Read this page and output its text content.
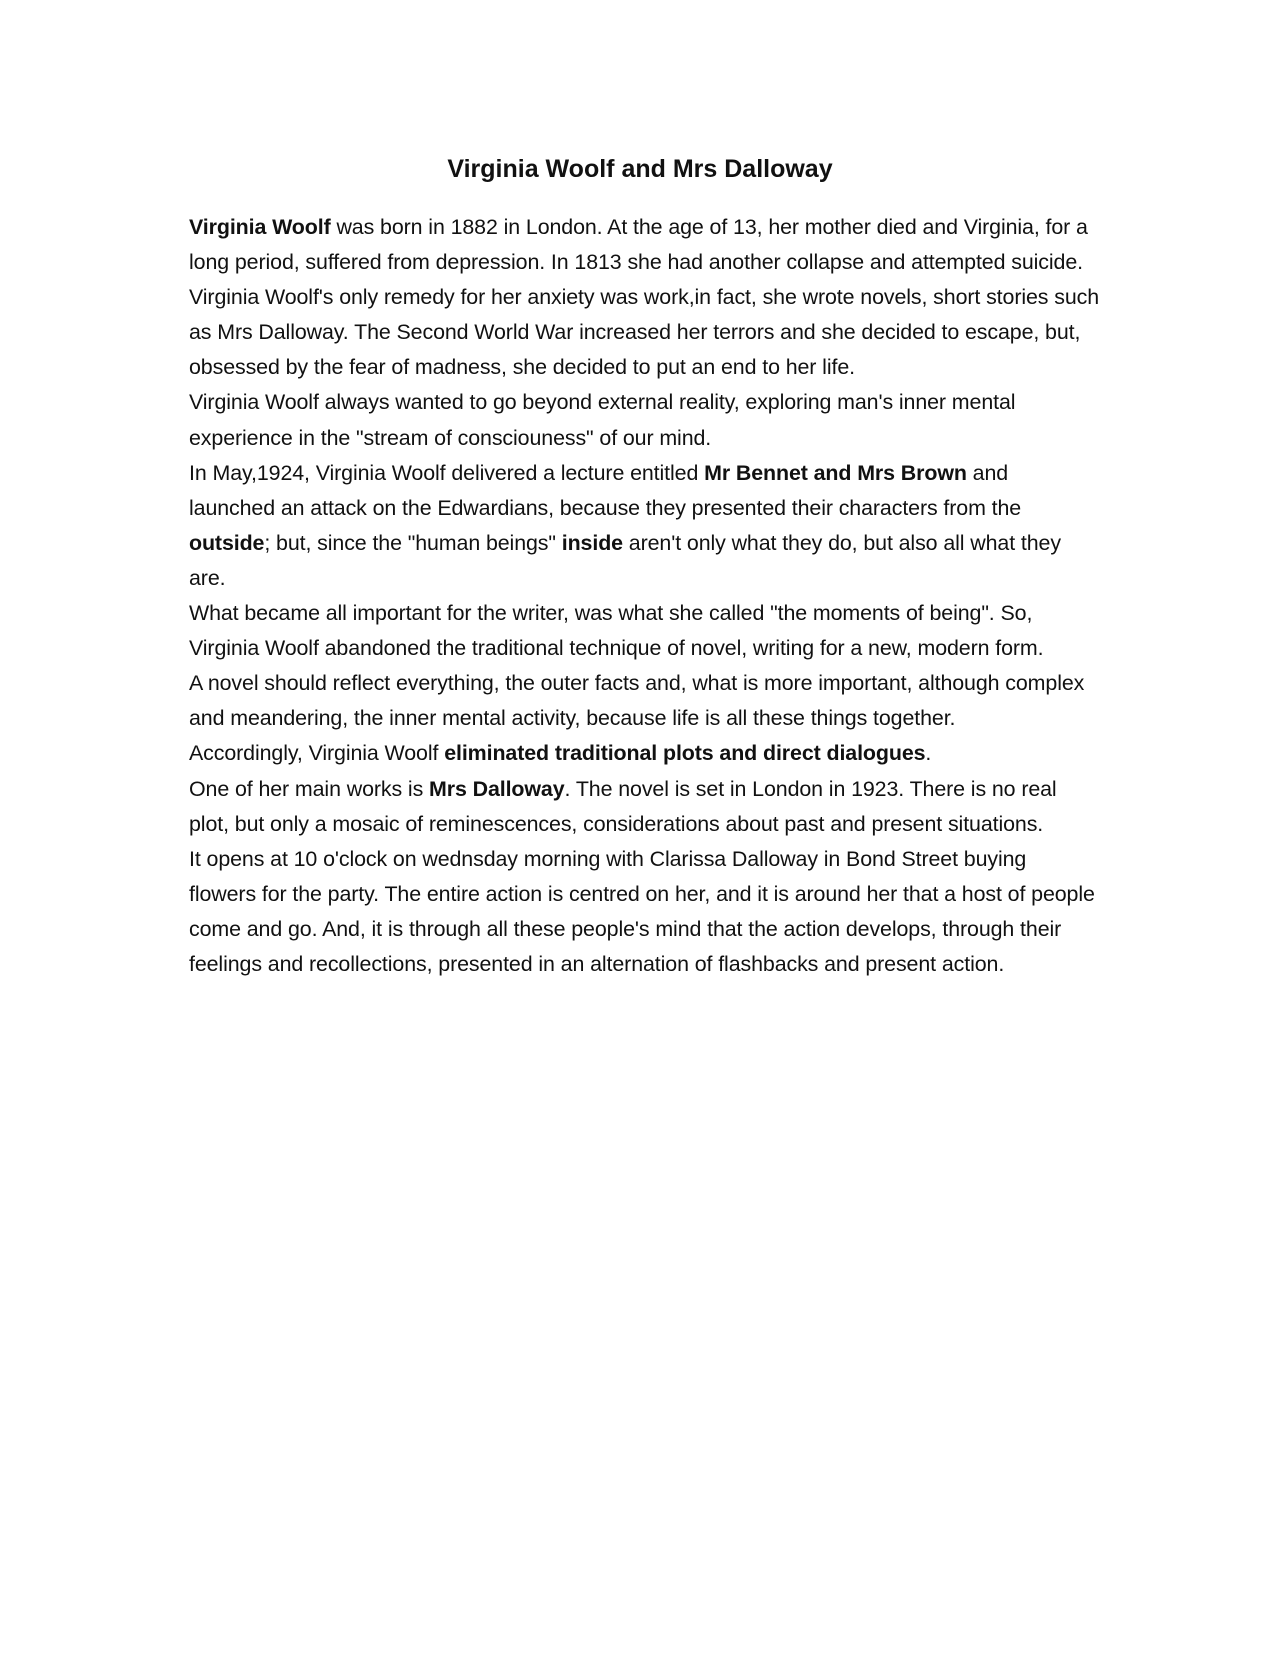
Virginia Woolf and Mrs Dalloway

Virginia Woolf was born in 1882 in London. At the age of 13, her mother died and Virginia, for a long period, suffered from depression. In 1813 she had another collapse and attempted suicide.

Virginia Woolf's only remedy for her anxiety was work,in fact, she wrote novels, short stories such as Mrs Dalloway. The Second World War increased her terrors and she decided to escape, but, obsessed by the fear of madness, she decided to put an end to her life.

Virginia Woolf always wanted to go beyond external reality, exploring man's inner mental experience in the "stream of consciouness" of our mind.

In May,1924, Virginia Woolf delivered a lecture entitled Mr Bennet and Mrs Brown and launched an attack on the Edwardians, because they presented their characters from the outside; but, since the "human beings" inside aren't only what they do, but also all what they are.

What became all important for the writer, was what she called "the moments of being". So, Virginia Woolf abandoned the traditional technique of novel, writing for a new, modern form.

A novel should reflect everything, the outer facts and, what is more important, although complex and meandering, the inner mental activity, because life is all these things together.

Accordingly, Virginia Woolf eliminated traditional plots and direct dialogues.

One of her main works is Mrs Dalloway. The novel is set in London in 1923. There is no real plot, but only a mosaic of reminescences, considerations about past and present situations.

It opens at 10 o'clock on wednsday morning with Clarissa Dalloway in Bond Street buying flowers for the party. The entire action is centred on her, and it is around her that a host of people come and go. And, it is through all these people's mind that the action develops, through their feelings and recollections, presented in an alternation of flashbacks and present action.
